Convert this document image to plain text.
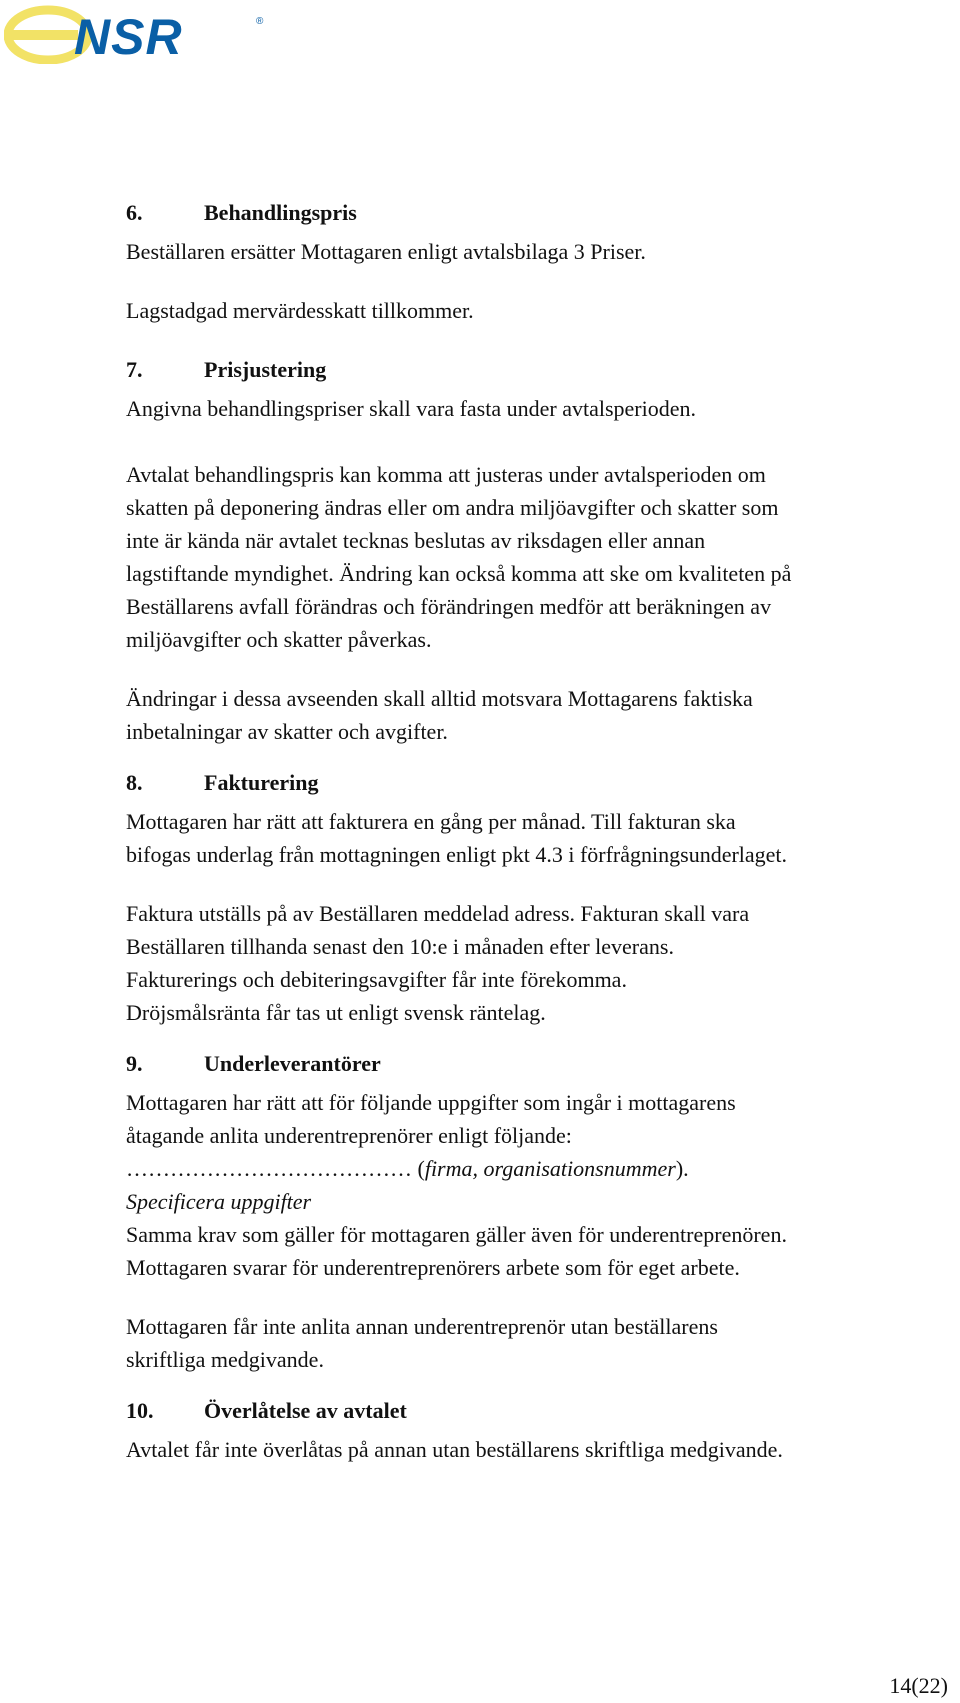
NSR	®
6.	Behandlingspris

Beställaren ersätter Mottagaren enligt avtalsbilaga 3 Priser.

Lagstadgad mervärdesskatt tillkommer.

7.	Prisjustering

Angivna behandlingspriser skall vara fasta under avtalsperioden.

Avtalat behandlingspris kan komma att justeras under avtalsperioden om
skatten på deponering ändras eller om andra miljöavgifter och skatter som
inte är kända när avtalet tecknas beslutas av riksdagen eller annan
lagstiftande myndighet. Ändring kan också komma att ske om kvaliteten på
Beställarens avfall förändras och förändringen medför att beräkningen av
miljöavgifter och skatter påverkas.

Ändringar i dessa avseenden skall alltid motsvara Mottagarens faktiska
inbetalningar av skatter och avgifter.

8.	Fakturering

Mottagaren har rätt att fakturera en gång per månad. Till fakturan ska
bifogas underlag från mottagningen enligt pkt 4.3 i förfrågningsunderlaget.

Faktura utställs på av Beställaren meddelad adress. Fakturan skall vara
Beställaren tillhanda senast den 10:e i månaden efter leverans.
Fakturerings och debiteringsavgifter får inte förekomma.
Dröjsmålsränta får tas ut enligt svensk räntelag.

9.	Underleverantörer

Mottagaren har rätt att för följande uppgifter som ingår i mottagarens
åtagande anlita underentreprenörer enligt följande:
………………………………… (firma, organisationsnummer).
Specificera uppgifter
Samma krav som gäller för mottagaren gäller även för underentreprenören.
Mottagaren svarar för underentreprenörers arbete som för eget arbete.

Mottagaren får inte anlita annan underentreprenör utan beställarens
skriftliga medgivande.

10.	Överlåtelse av avtalet

Avtalet får inte överlåtas på annan utan beställarens skriftliga medgivande.

14(22)
